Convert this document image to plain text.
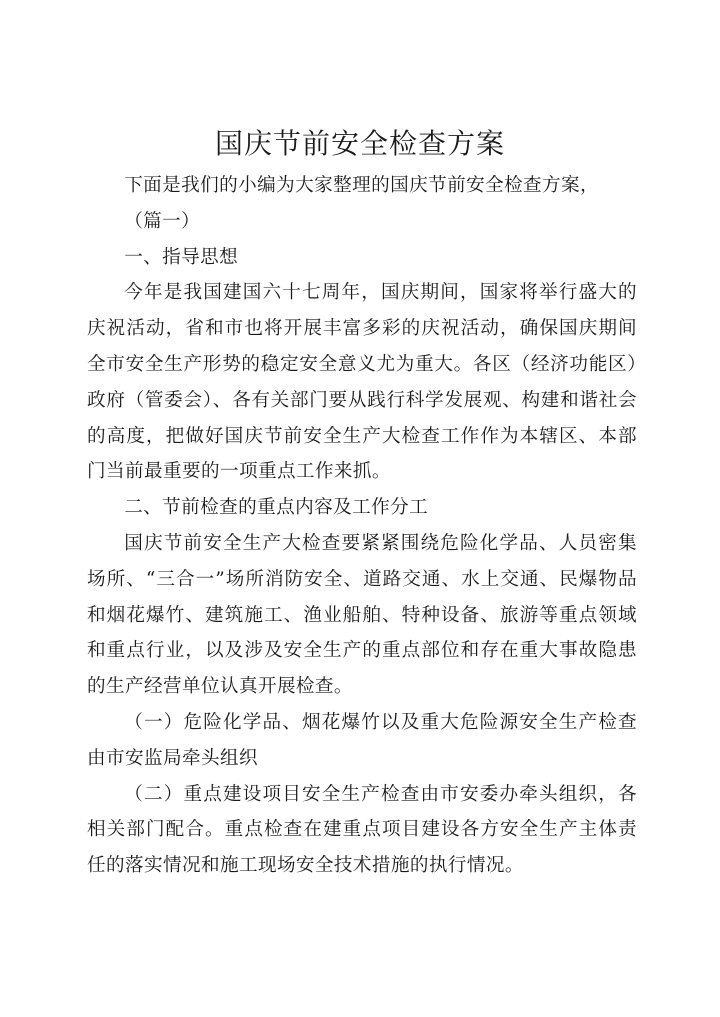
国庆节前安全检查方案

下面是我们的小编为大家整理的国庆节前安全检查方案，

（篇一）

一、指导思想

今年是我国建国六十七周年，国庆期间，国家将举行盛大的庆祝活动，省和市也将开展丰富多彩的庆祝活动，确保国庆期间全市安全生产形势的稳定安全意义尤为重大。各区（经济功能区）政府（管委会）、各有关部门要从践行科学发展观、构建和谐社会的高度，把做好国庆节前安全生产大检查工作作为本辖区、本部门当前最重要的一项重点工作来抓。

二、节前检查的重点内容及工作分工

国庆节前安全生产大检查要紧紧围绕危险化学品、人员密集场所、“三合一”场所消防安全、道路交通、水上交通、民爆物品和烟花爆竹、建筑施工、渔业船舶、特种设备、旅游等重点领域和重点行业，以及涉及安全生产的重点部位和存在重大事故隐患的生产经营单位认真开展检查。

（一）危险化学品、烟花爆竹以及重大危险源安全生产检查由市安监局牵头组织

（二）重点建设项目安全生产检查由市安委办牵头组织，各相关部门配合。重点检查在建重点项目建设各方安全生产主体责任的落实情况和施工现场安全技术措施的执行情况。
